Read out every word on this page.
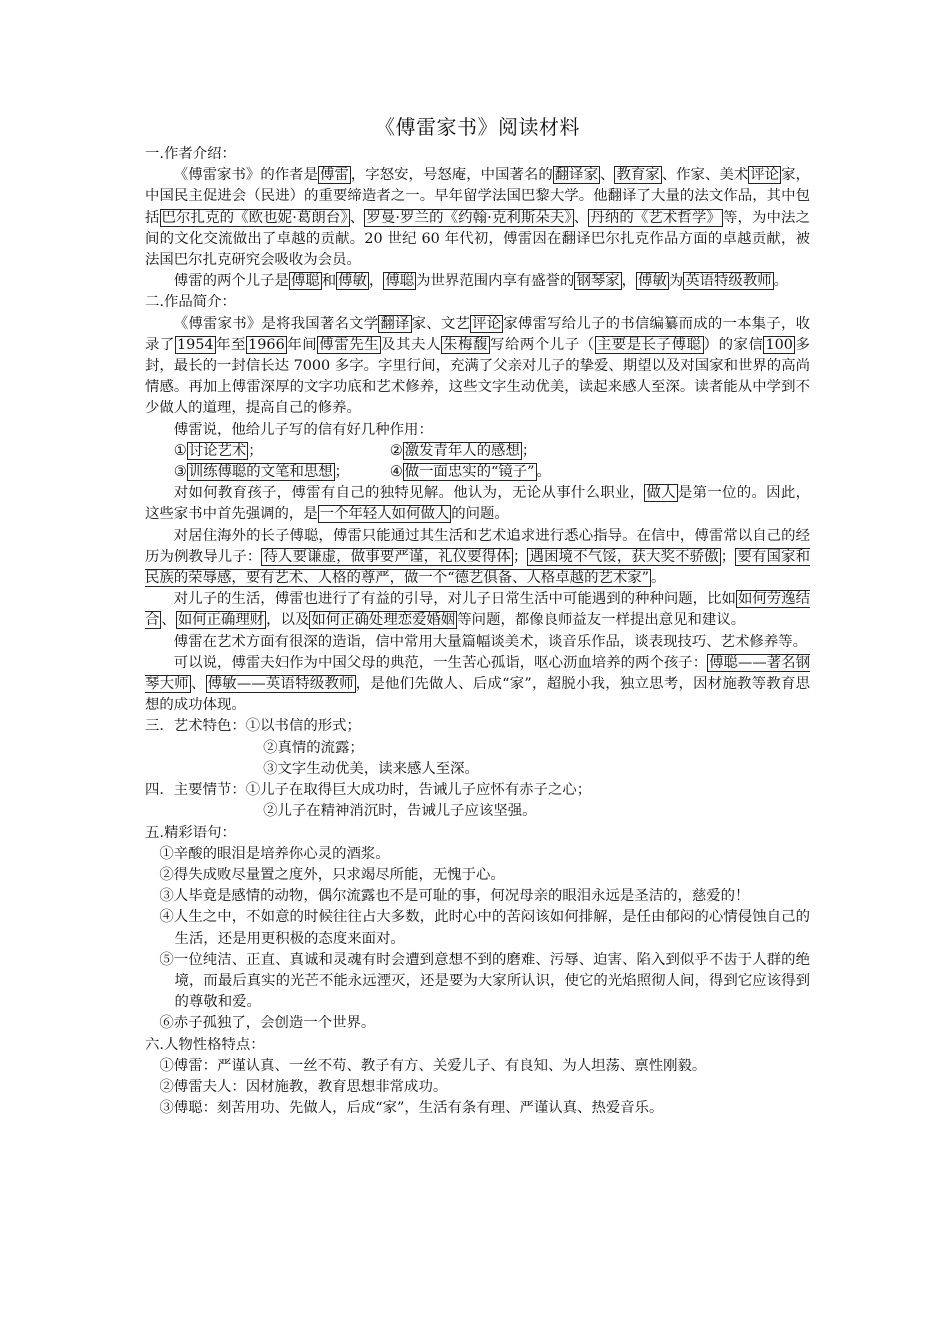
《傅雷家书》阅读材料
一.作者介绍：
《傅雷家书》的作者是 傅雷 ，字怒安，号怒庵，中国著名的 翻译家 、 教育家 、作家、美术 评论 家，中国民主促进会（民进）的重要缔造者之一。早年留学法国巴黎大学。他翻译了大量的法文作品，其中包括 巴尔扎克的《欧也妮·葛朗台》 、 罗曼·罗兰的《约翰·克利斯朵夫》 、 丹纳的《艺术哲学》 等，为中法之间的文化交流做出了卓越的贡献。20 世纪 60 年代初，傅雷因在翻译巴尔扎克作品方面的卓越贡献，被法国巴尔扎克研究会吸收为会员。
傅雷的两个儿子是 傅聪 和 傅敏 ， 傅聪 为世界范围内享有盛誉的 钢琴家 ， 傅敏 为 英语特级教师 。
二.作品简介：
《傅雷家书》是将我国著名文学 翻译 家、文艺 评论 家傅雷写给儿子的书信编纂而成的一本集子，收录了 1954 年至 1966 年间 傅雷先生 及其夫人 朱梅馥 写给两个儿子（ 主要是长子傅聪 ）的家信 100 多封，最长的一封信长达 7000 多字。字里行间，充满了父亲对儿子的挚爱、期望以及对国家和世界的高尚情感。再加上傅雷深厚的文字功底和艺术修养，这些文字生动优美，读起来感人至深。读者能从中学到不少做人的道理，提高自己的修养。
傅雷说，他给儿子写的信有好几种作用：
① 讨论艺术 ；	② 激发青年人的感想 ；
③ 训练傅聪的文笔和思想 ；	④ 做一面忠实的“镜子” 。
对如何教育孩子，傅雷有自己的独特见解。他认为，无论从事什么职业， 做人 是第一位的。因此，这些家书中首先强调的，是 一个年轻人如何做人 的问题。
对居住海外的长子傅聪，傅雷只能通过其生活和艺术追求进行悉心指导。在信中，傅雷常以自己的经历为例教导儿子： 待人要谦虚，做事要严谨，礼仪要得体 ； 遇困境不气馁，获大奖不骄傲 ； 要有国家和民族的荣辱感，要有艺术、人格的尊严，做一个“德艺俱备、人格卓越的艺术家” 。
对儿子的生活，傅雷也进行了有益的引导，对儿子日常生活中可能遇到的种种问题，比如 如何劳逸结合 、 如何正确理财 ，以及 如何正确处理恋爱婚姻 等问题，都像良师益友一样提出意见和建议。
傅雷在艺术方面有很深的造诣，信中常用大量篇幅谈美术，谈音乐作品，谈表现技巧、艺术修养等。
可以说，傅雷夫妇作为中国父母的典范，一生苦心孤诣，呕心沥血培养的两个孩子： 傅聪——著名钢琴大师 、 傅敏——英语特级教师 ，是他们先做人、后成“家”，超脱小我，独立思考，因材施教等教育思想的成功体现。
三．艺术特色：①以书信的形式；
②真情的流露；
③文字生动优美，读来感人至深。
四．主要情节：①儿子在取得巨大成功时，告诫儿子应怀有赤子之心；
②儿子在精神消沉时，告诫儿子应该坚强。
五.精彩语句：
①辛酸的眼泪是培养你心灵的酒浆。
②得失成败尽量置之度外，只求竭尽所能，无愧于心。
③人毕竟是感情的动物，偶尔流露也不是可耻的事，何况母亲的眼泪永远是圣洁的，慈爱的！
④人生之中，不如意的时候往往占大多数，此时心中的苦闷该如何排解，是任由郁闷的心情侵蚀自己的生活，还是用更积极的态度来面对。
⑤一位纯洁、正直、真诚和灵魂有时会遭到意想不到的磨难、污辱、迫害、陷入到似乎不齿于人群的绝境，而最后真实的光芒不能永远湮灭，还是要为大家所认识，使它的光焰照彻人间，得到它应该得到的尊敬和爱。
⑥赤子孤独了，会创造一个世界。
六.人物性格特点：
①傅雷：严谨认真、一丝不苟、教子有方、关爱儿子、有良知、为人坦荡、禀性刚毅。
②傅雷夫人：因材施教，教育思想非常成功。
③傅聪：刻苦用功、先做人，后成“家”，生活有条有理、严谨认真、热爱音乐。
